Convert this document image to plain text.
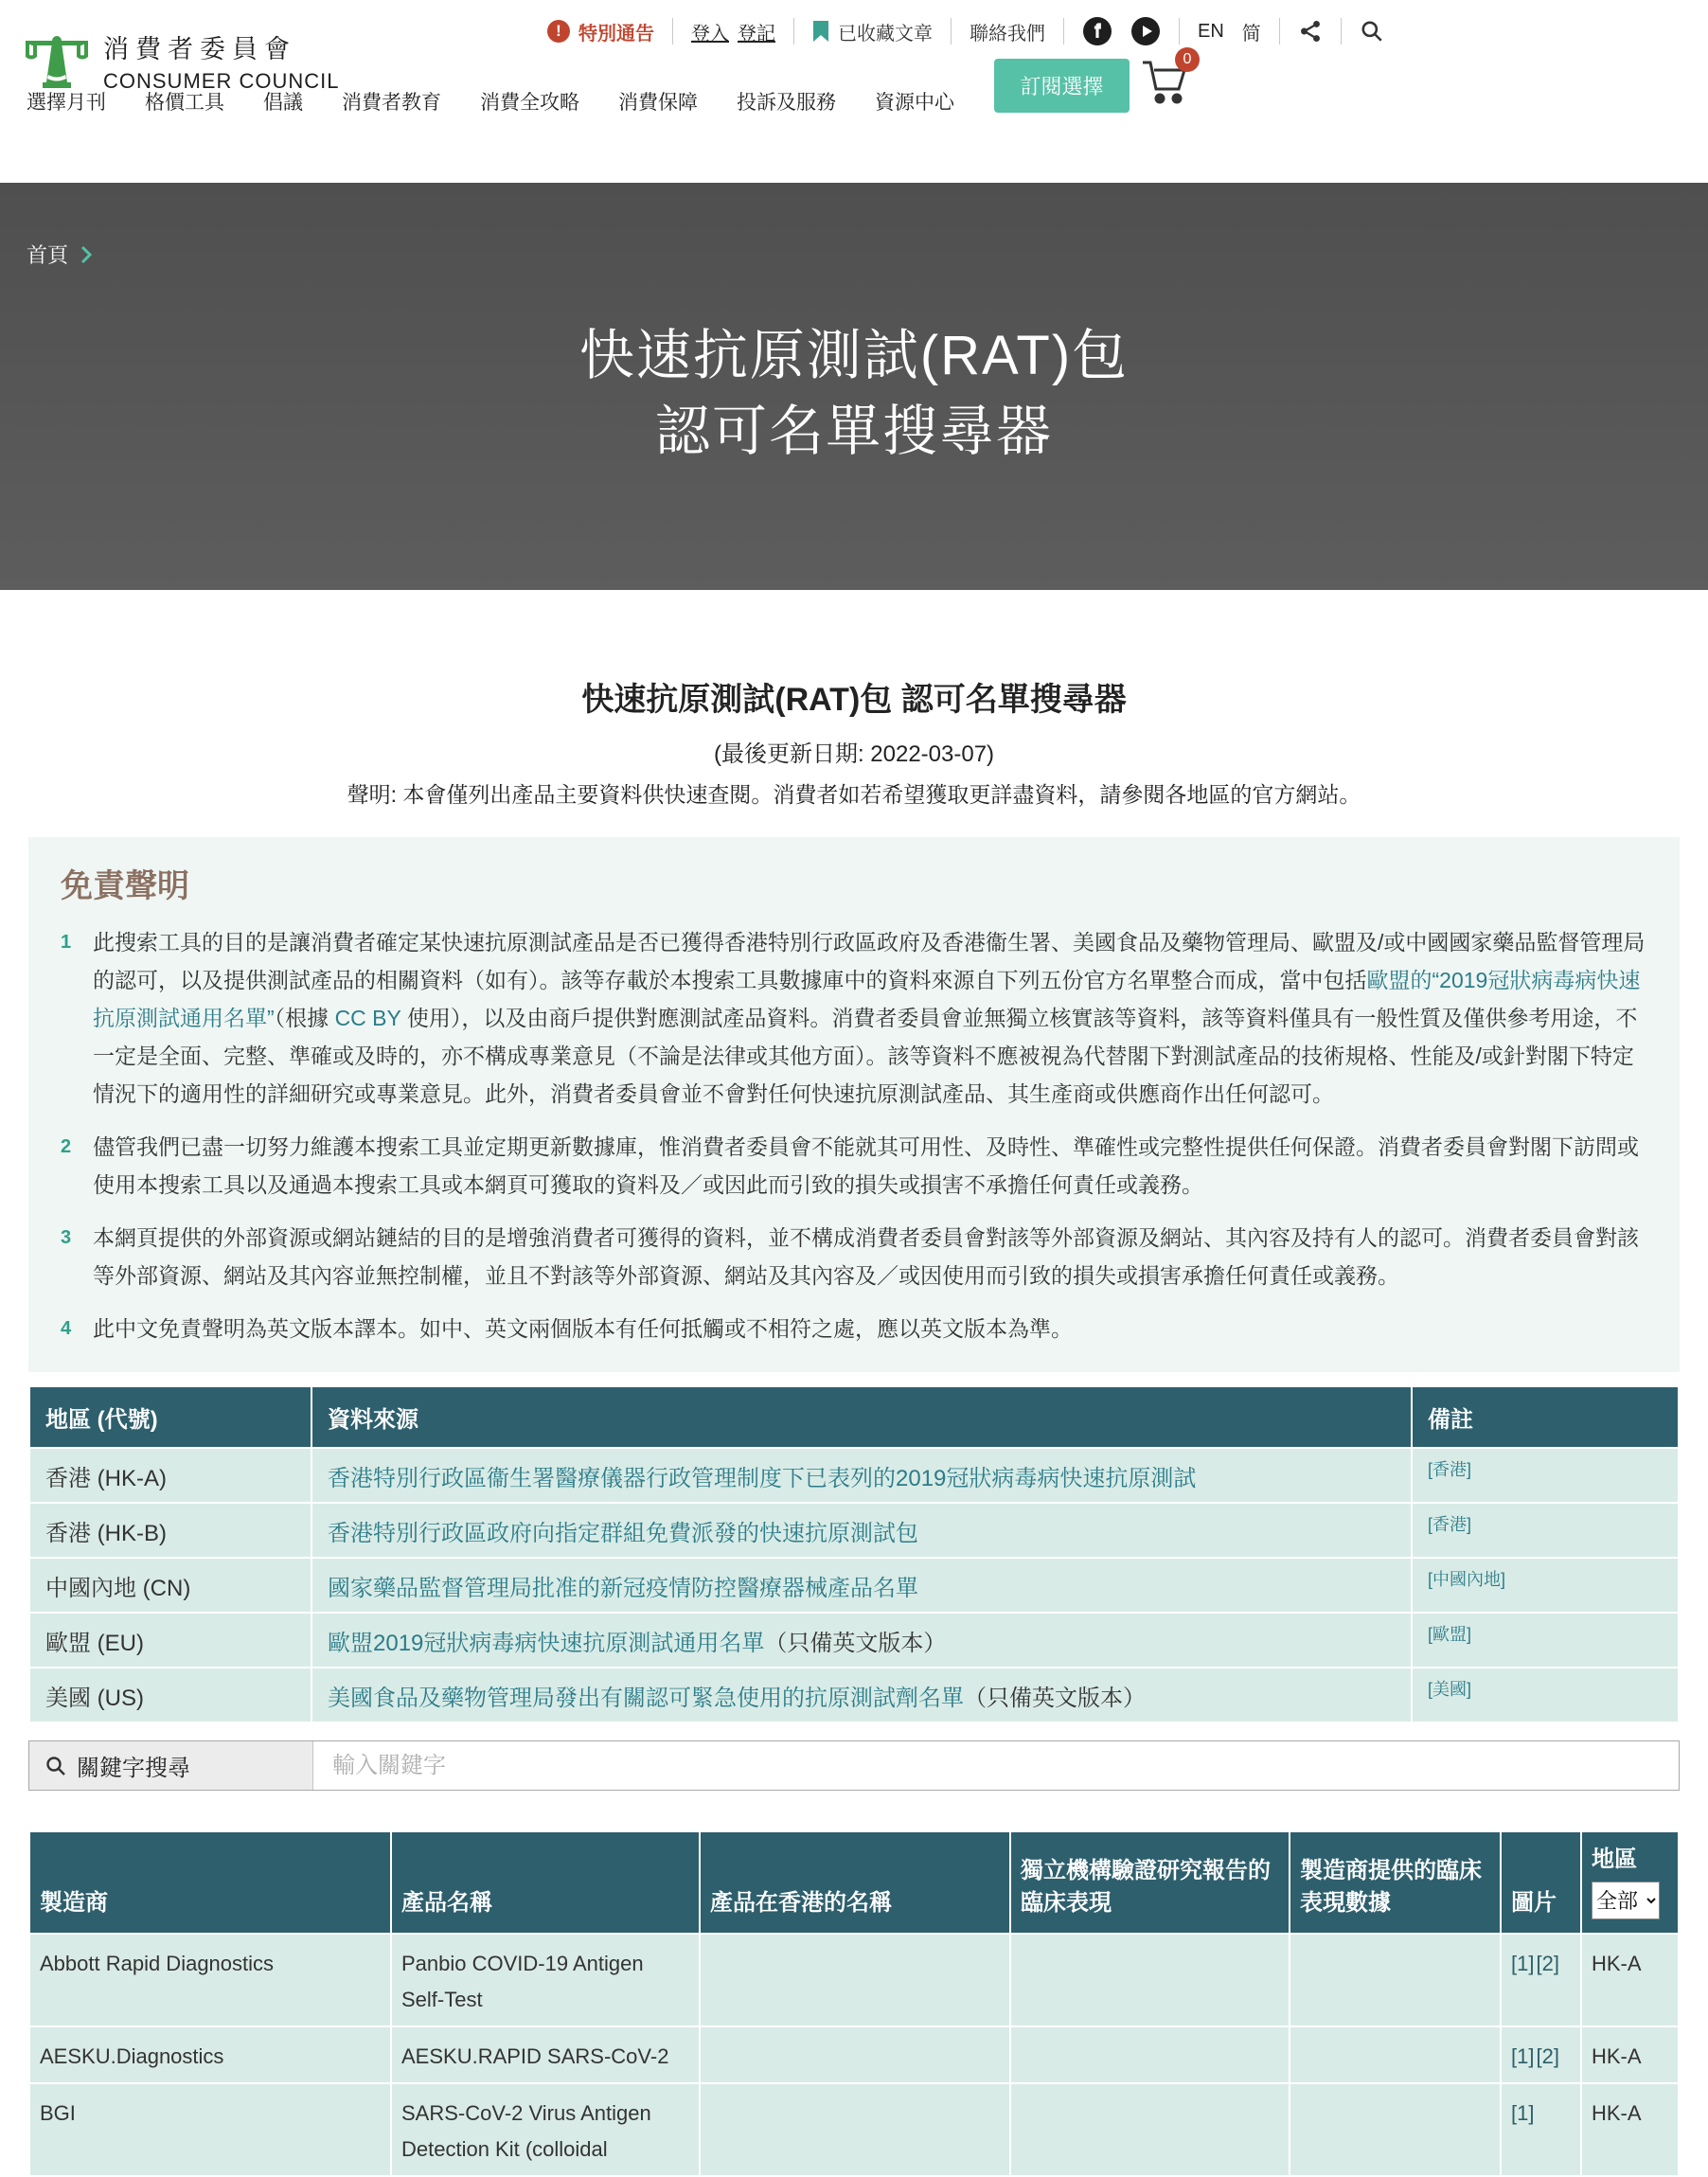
消費者委員會
CONSUMER COUNCIL
! 特別通告 登入 登記	已收藏文章 聯絡我們	EN 简
選擇月刊 格價工具 倡議 消費者教育 消費全攻略 消費保障 投訴及服務 資源中心
訂閱選擇
0
首頁
快速抗原測試(RAT)包
認可名單搜尋器
快速抗原測試(RAT)包 認可名單搜尋器
(最後更新日期: 2022-03-07)
聲明: 本會僅列出產品主要資料供快速查閱。消費者如若希望獲取更詳盡資料，請參閱各地區的官方網站。
免責聲明
1 此搜索工具的目的是讓消費者確定某快速抗原測試產品是否已獲得香港特別行政區政府及香港衞生署、美國食品及藥物管理局、歐盟及/或中國國家藥品監督管理局的認可，以及提供測試產品的相關資料（如有）。該等存載於本搜索工具數據庫中的資料來源自下列五份官方名單整合而成，當中包括歐盟的“2019冠狀病毒病快速抗原測試通用名單”（根據 CC BY 使用），以及由商戶提供對應測試產品資料。消費者委員會並無獨立核實該等資料，該等資料僅具有一般性質及僅供參考用途，不一定是全面、完整、準確或及時的，亦不構成專業意見（不論是法律或其他方面）。該等資料不應被視為代替閣下對測試產品的技術規格、性能及/或針對閣下特定情況下的適用性的詳細研究或專業意見。此外，消費者委員會並不會對任何快速抗原測試產品、其生產商或供應商作出任何認可。
2 儘管我們已盡一切努力維護本搜索工具並定期更新數據庫，惟消費者委員會不能就其可用性、及時性、準確性或完整性提供任何保證。消費者委員會對閣下訪問或使用本搜索工具以及通過本搜索工具或本網頁可獲取的資料及／或因此而引致的損失或損害不承擔任何責任或義務。
3 本網頁提供的外部資源或網站鏈結的目的是增強消費者可獲得的資料，並不構成消費者委員會對該等外部資源及網站、其內容及持有人的認可。消費者委員會對該等外部資源、網站及其內容並無控制權，並且不對該等外部資源、網站及其內容及／或因使用而引致的損失或損害承擔任何責任或義務。
4 此中文免責聲明為英文版本譯本。如中、英文兩個版本有任何抵觸或不相符之處，應以英文版本為準。
地區 (代號)	資料來源	備註
香港 (HK-A)	香港特別行政區衞生署醫療儀器行政管理制度下已表列的2019冠狀病毒病快速抗原測試	[香港]
香港 (HK-B)	香港特別行政區政府向指定群組免費派發的快速抗原測試包	[香港]
中國內地 (CN)	國家藥品監督管理局批准的新冠疫情防控醫療器械產品名單	[中國內地]
歐盟 (EU)	歐盟2019冠狀病毒病快速抗原測試通用名單（只備英文版本）	[歐盟]
美國 (US)	美國食品及藥物管理局發出有關認可緊急使用的抗原測試劑名單（只備英文版本）	[美國]
關鍵字搜尋
輸入關鍵字
製造商	產品名稱	產品在香港的名稱	獨立機構驗證研究報告的臨床表現	製造商提供的臨床表現數據	圖片	地區
全部
Abbott Rapid Diagnostics	Panbio COVID-19 Antigen Self-Test				[1][2]	HK-A
AESKU.Diagnostics	AESKU.RAPID SARS-CoV-2				[1][2]	HK-A
BGI	SARS-CoV-2 Virus Antigen Detection Kit (colloidal				[1]	HK-A
